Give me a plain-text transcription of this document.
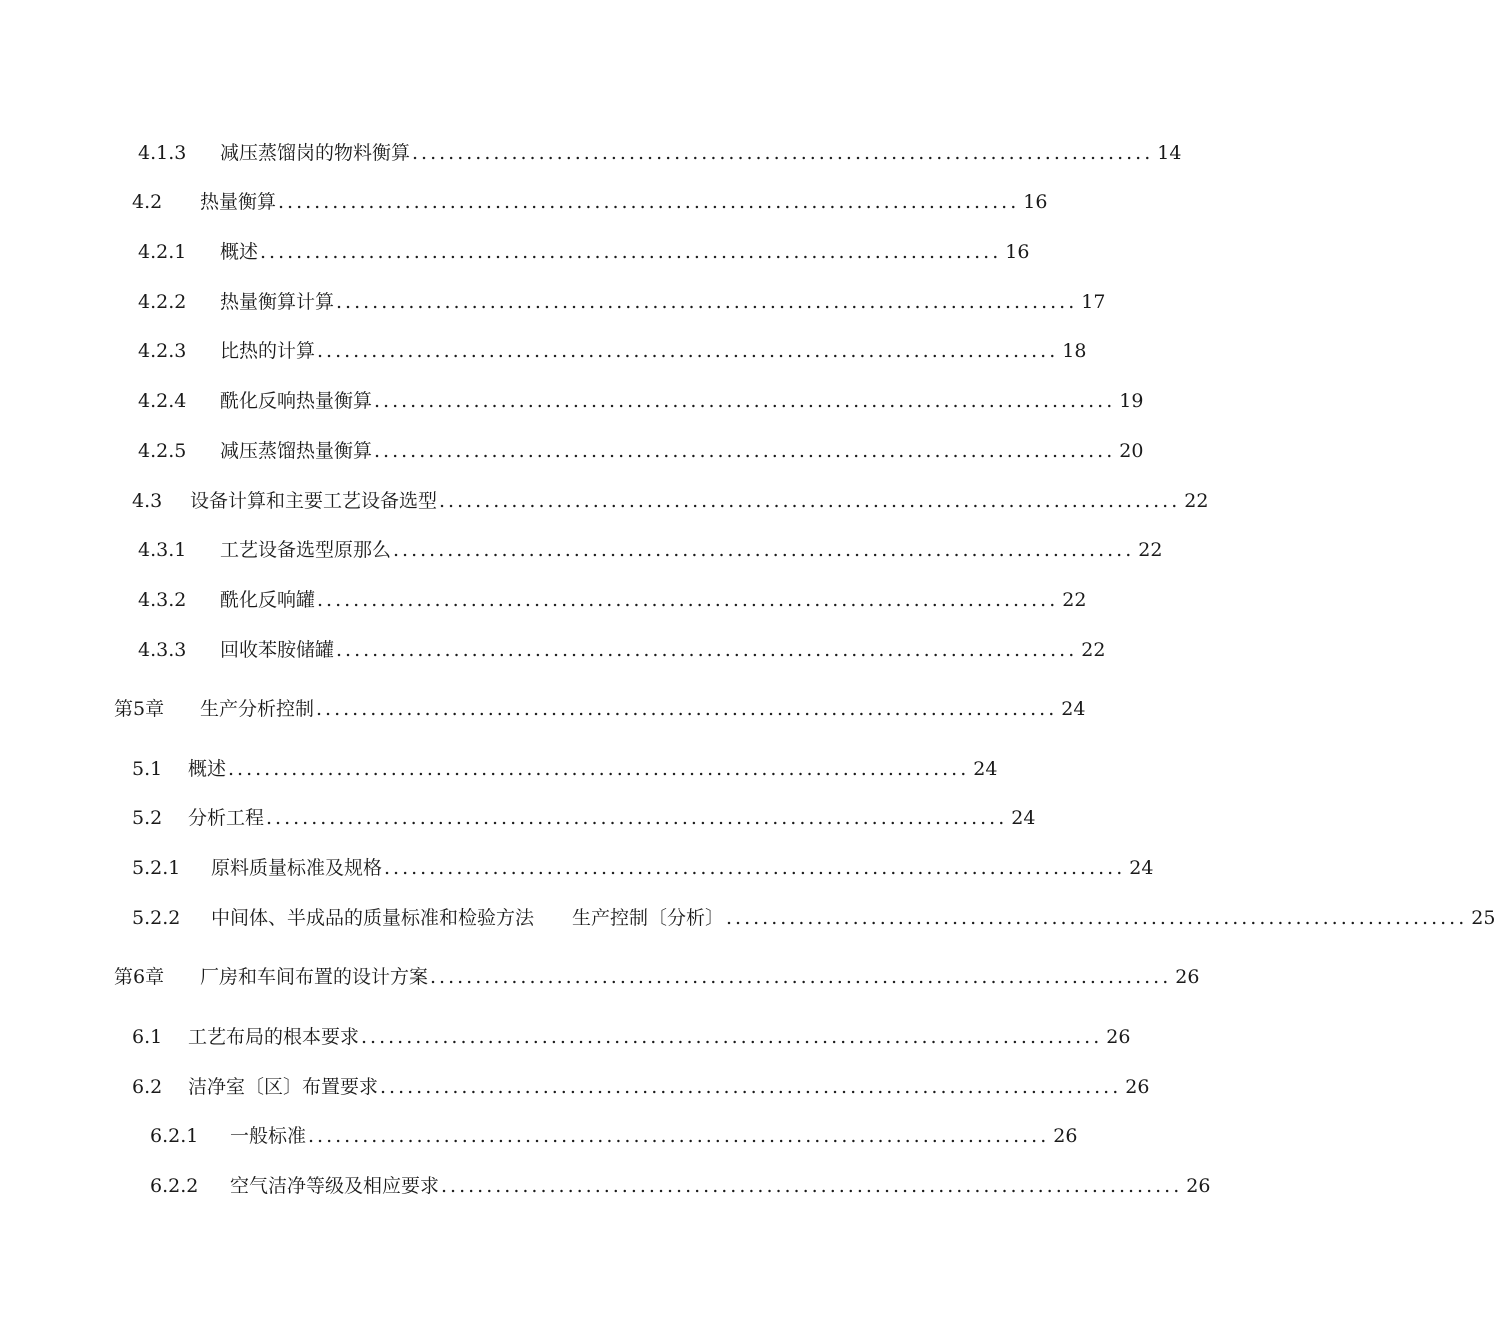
4.1.3	减压蒸馏岗的物料衡算 .................................................................................. 14
4.2	热量衡算 .................................................................................. 16
4.2.1	概述 .................................................................................. 16
4.2.2	热量衡算计算 .................................................................................. 17
4.2.3	比热的计算 .................................................................................. 18
4.2.4	酰化反响热量衡算 .................................................................................. 19
4.2.5	减压蒸馏热量衡算 .................................................................................. 20
4.3	设备计算和主要工艺设备选型 .................................................................................. 22
4.3.1	工艺设备选型原那么 .................................................................................. 22
4.3.2	酰化反响罐 .................................................................................. 22
4.3.3	回收苯胺储罐 .................................................................................. 22
第5章	生产分析控制 .................................................................................. 24
5.1	概述 .................................................................................. 24
5.2	分析工程 .................................................................................. 24
5.2.1	原料质量标准及规格 .................................................................................. 24
5.2.2	中间体、半成品的质量标准和检验方法　　生产控制〔分析〕 .................................................................................. 25
第6章	厂房和车间布置的设计方案 .................................................................................. 26
6.1	工艺布局的根本要求 .................................................................................. 26
6.2	洁净室〔区〕布置要求 .................................................................................. 26
6.2.1	一般标准 .................................................................................. 26
6.2.2	空气洁净等级及相应要求 .................................................................................. 26
